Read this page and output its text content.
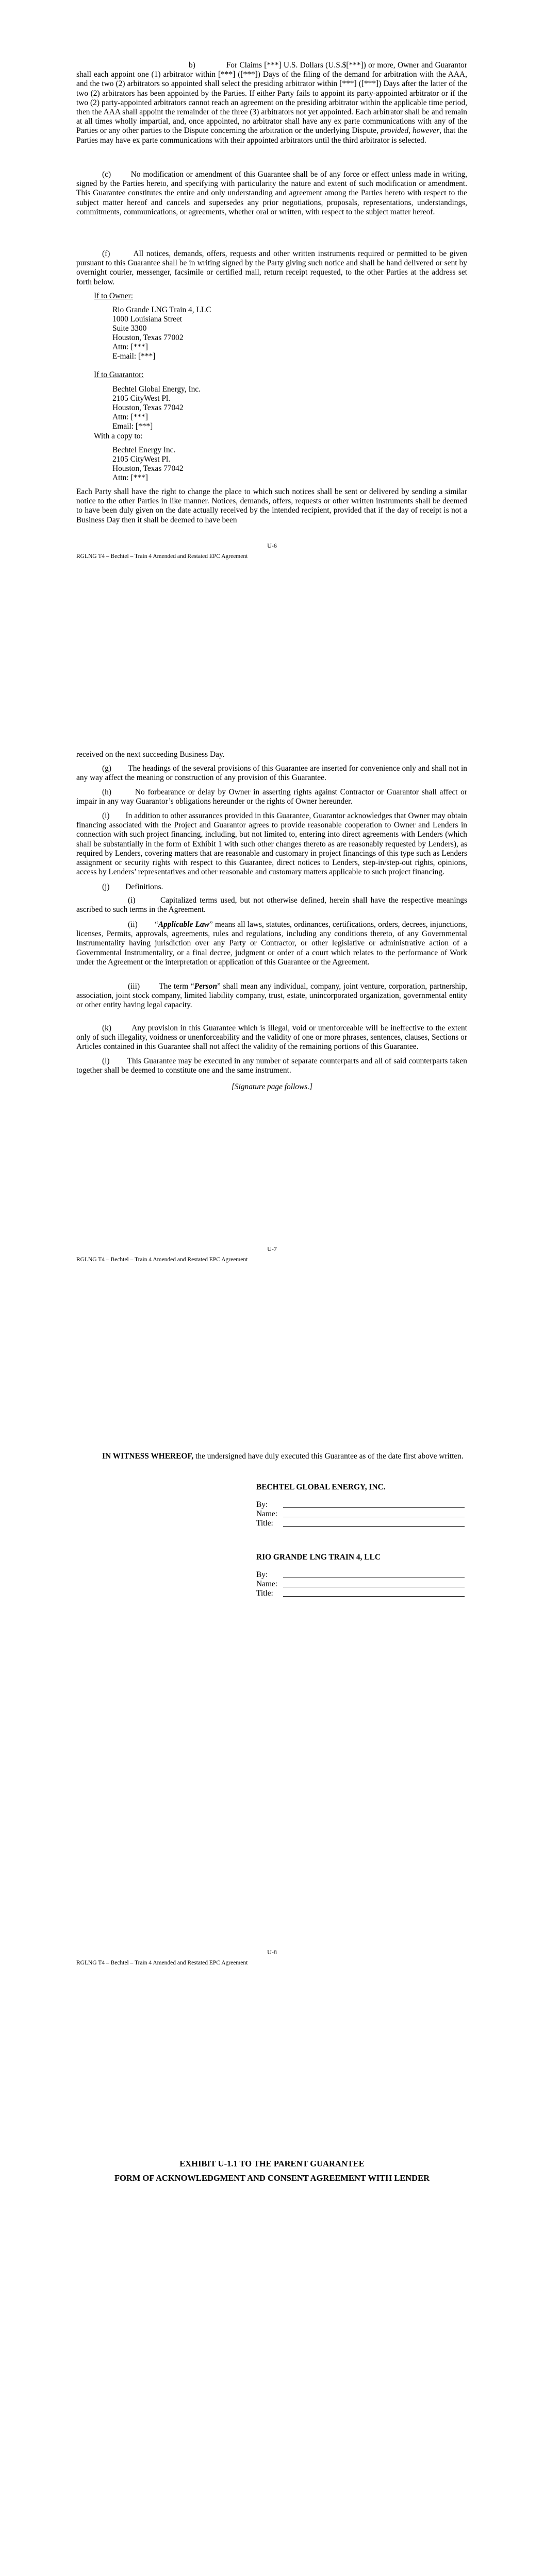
b)              For Claims [***] U.S. Dollars (U.S.$[***]) or more, Owner and Guarantor shall each appoint one (1) arbitrator within [***] ([***]) Days of the filing of the demand for arbitration with the AAA, and the two (2) arbitrators so appointed shall select the presiding arbitrator within [***] ([***]) Days after the latter of the two (2) arbitrators has been appointed by the Parties. If either Party fails to appoint its party-appointed arbitrator or if the two (2) party-appointed arbitrators cannot reach an agreement on the presiding arbitrator within the applicable time period, then the AAA shall appoint the remainder of the three (3) arbitrators not yet appointed. Each arbitrator shall be and remain at all times wholly impartial, and, once appointed, no arbitrator shall have any ex parte communications with any of the Parties or any other parties to the Dispute concerning the arbitration or the underlying Dispute, provided, however, that the Parties may have ex parte communications with their appointed arbitrators until the third arbitrator is selected.

(c)        No modification or amendment of this Guarantee shall be of any force or effect unless made in writing, signed by the Parties hereto, and specifying with particularity the nature and extent of such modification or amendment. This Guarantee constitutes the entire and only understanding and agreement among the Parties hereto with respect to the subject matter hereof and cancels and supersedes any prior negotiations, proposals, representations, understandings, commitments, communications, or agreements, whether oral or written, with respect to the subject matter hereof.

(f)        All notices, demands, offers, requests and other written instruments required or permitted to be given pursuant to this Guarantee shall be in writing signed by the Party giving such notice and shall be hand delivered or sent by overnight courier, messenger, facsimile or certified mail, return receipt requested, to the other Parties at the address set forth below.

If to Owner:
Rio Grande LNG Train 4, LLC
1000 Louisiana Street
Suite 3300
Houston, Texas 77002
Attn: [***]
E-mail: [***]
If to Guarantor:
Bechtel Global Energy, Inc.
2105 CityWest Pl.
Houston, Texas 77042
Attn: [***]
Email: [***]
With a copy to:
Bechtel Energy Inc.
2105 CityWest Pl.
Houston, Texas 77042
Attn: [***]

Each Party shall have the right to change the place to which such notices shall be sent or delivered by sending a similar notice to the other Parties in like manner. Notices, demands, offers, requests or other written instruments shall be deemed to have been duly given on the date actually received by the intended recipient, provided that if the day of receipt is not a Business Day then it shall be deemed to have been

U-6
RGLNG T4 – Bechtel – Train 4 Amended and Restated EPC Agreement

received on the next succeeding Business Day.

(g)        The headings of the several provisions of this Guarantee are inserted for convenience only and shall not in any way affect the meaning or construction of any provision of this Guarantee.

(h)        No forbearance or delay by Owner in asserting rights against Contractor or Guarantor shall affect or impair in any way Guarantor’s obligations hereunder or the rights of Owner hereunder.

(i)        In addition to other assurances provided in this Guarantee, Guarantor acknowledges that Owner may obtain financing associated with the Project and Guarantor agrees to provide reasonable cooperation to Owner and Lenders in connection with such project financing, including, but not limited to, entering into direct agreements with Lenders (which shall be substantially in the form of Exhibit 1 with such other changes thereto as are reasonably requested by Lenders), as required by Lenders, covering matters that are reasonable and customary in project financings of this type such as Lenders assignment or security rights with respect to this Guarantee, direct notices to Lenders, step-in/step-out rights, opinions, access by Lenders’ representatives and other reasonable and customary matters applicable to such project financing.

(j)        Definitions.

(i)        Capitalized terms used, but not otherwise defined, herein shall have the respective meanings ascribed to such terms in the Agreement.

(ii)        “Applicable Law” means all laws, statutes, ordinances, certifications, orders, decrees, injunctions, licenses, Permits, approvals, agreements, rules and regulations, including any conditions thereto, of any Governmental Instrumentality having jurisdiction over any Party or Contractor, or other legislative or administrative action of a Governmental Instrumentality, or a final decree, judgment or order of a court which relates to the performance of Work under the Agreement or the interpretation or application of this Guarantee or the Agreement.

(iii)        The term “Person” shall mean any individual, company, joint venture, corporation, partnership, association, joint stock company, limited liability company, trust, estate, unincorporated organization, governmental entity or other entity having legal capacity.

(k)        Any provision in this Guarantee which is illegal, void or unenforceable will be ineffective to the extent only of such illegality, voidness or unenforceability and the validity of one or more phrases, sentences, clauses, Sections or Articles contained in this Guarantee shall not affect the validity of the remaining portions of this Guarantee.

(l)        This Guarantee may be executed in any number of separate counterparts and all of said counterparts taken together shall be deemed to constitute one and the same instrument.

[Signature page follows.]
U-7
RGLNG T4 – Bechtel – Train 4 Amended and Restated EPC Agreement

IN WITNESS WHEREOF, the undersigned have duly executed this Guarantee as of the date first above written.

BECHTEL GLOBAL ENERGY, INC.
By:
Name:
Title:
RIO GRANDE LNG TRAIN 4, LLC
By:
Name:
Title:
U-8
RGLNG T4 – Bechtel – Train 4 Amended and Restated EPC Agreement
EXHIBIT U-1.1 TO THE PARENT GUARANTEE
FORM OF ACKNOWLEDGMENT AND CONSENT AGREEMENT WITH LENDER
